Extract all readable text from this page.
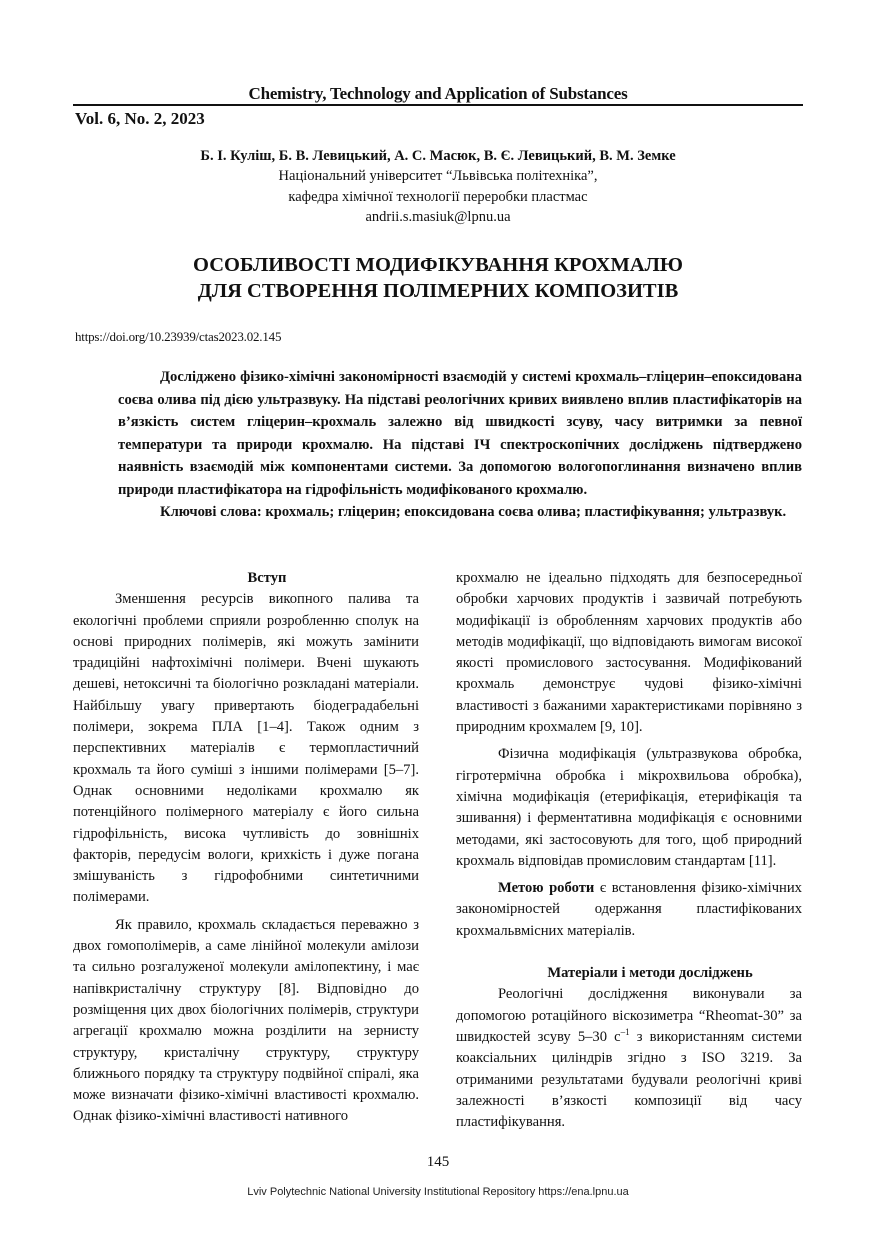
Chemistry, Technology and Application of Substances
Vol. 6, No. 2, 2023
Б. І. Куліш, Б. В. Левицький, А. С. Масюк, В. Є. Левицький, В. М. Земке
Національний університет “Львівська політехніка”,
кафедра хімічної технології переробки пластмас
andrii.s.masiuk@lpnu.ua
ОСОБЛИВОСТІ МОДИФІКУВАННЯ КРОХМАЛЮ
ДЛЯ СТВОРЕННЯ ПОЛІМЕРНИХ КОМПОЗИТІВ
https://doi.org/10.23939/ctas2023.02.145

Досліджено фізико-хімічні закономірності взаємодій у системі крохмаль–гліцерин–епоксидована соєва олива під дією ультразвуку. На підставі реологічних кривих виявлено вплив пластифікаторів на в’язкість систем гліцерин–крохмаль залежно від швидкості зсуву, часу витримки за певної температури та природи крохмалю. На підставі ІЧ спектроскопічних досліджень підтверджено наявність взаємодій між компонентами системи. За допомогою вологопоглинання визначено вплив природи пластифікатора на гідрофільність модифікованого крохмалю.

Ключові слова: крохмаль; гліцерин; епоксидована соєва олива; пластифікування; ультразвук.

Вступ

Зменшення ресурсів викопного палива та екологічні проблеми сприяли розробленню сполук на основі природних полімерів, які можуть замінити традиційні нафтохімічні полімери. Вчені шукають дешеві, нетоксичні та біологічно розкладані матеріали. Найбільшу увагу привертають біодеградабельні полімери, зокрема ПЛА [1–4]. Також одним з перспективних матеріалів є термопластичний крохмаль та його суміші з іншими полімерами [5–7]. Однак основними недоліками крохмалю як потенційного полімерного матеріалу є його сильна гідрофільність, висока чутливість до зовнішніх факторів, передусім вологи, крихкість і дуже погана змішуваність з гідрофобними синтетичними полімерами.

Як правило, крохмаль складається переважно з двох гомополімерів, а саме лінійної молекули амілози та сильно розгалуженої молекули амілопектину, і має напівкристалічну структуру [8]. Відповідно до розміщення цих двох біологічних полімерів, структури агрегації крохмалю можна розділити на зернисту структуру, кристалічну структуру, структуру ближнього порядку та структуру подвійної спіралі, яка може визначати фізико-хімічні властивості крохмалю. Однак фізико-хімічні властивості нативного

крохмалю не ідеально підходять для безпосередньої обробки харчових продуктів і зазвичай потребують модифікації із обробленням харчових продуктів або методів модифікації, що відповідають вимогам високої якості промислового застосування. Модифікований крохмаль демонструє чудові фізико-хімічні властивості з бажаними характеристиками порівняно з природним крохмалем [9, 10].

Фізична модифікація (ультразвукова обробка, гігротермічна обробка і мікрохвильова обробка), хімічна модифікація (етерифікація, етерифікація та зшивання) і ферментативна модифікація є основними методами, які застосовують для того, щоб природний крохмаль відповідав промисловим стандартам [11].

Метою роботи є встановлення фізико-хімічних закономірностей одержання пластифікованих крохмальвмісних матеріалів.

Матеріали і методи досліджень

Реологічні дослідження виконували за допомогою ротаційного віскозиметра “Rheomat-30” за швидкостей зсуву 5–30 $с^{-1}$ з використанням системи коаксіальних циліндрів згідно з ISO 3219. За отриманими результатами будували реологічні криві залежності в’язкості композиції від часу пластифікування.

145
Lviv Polytechnic National University Institutional Repository https://ena.lpnu.ua
